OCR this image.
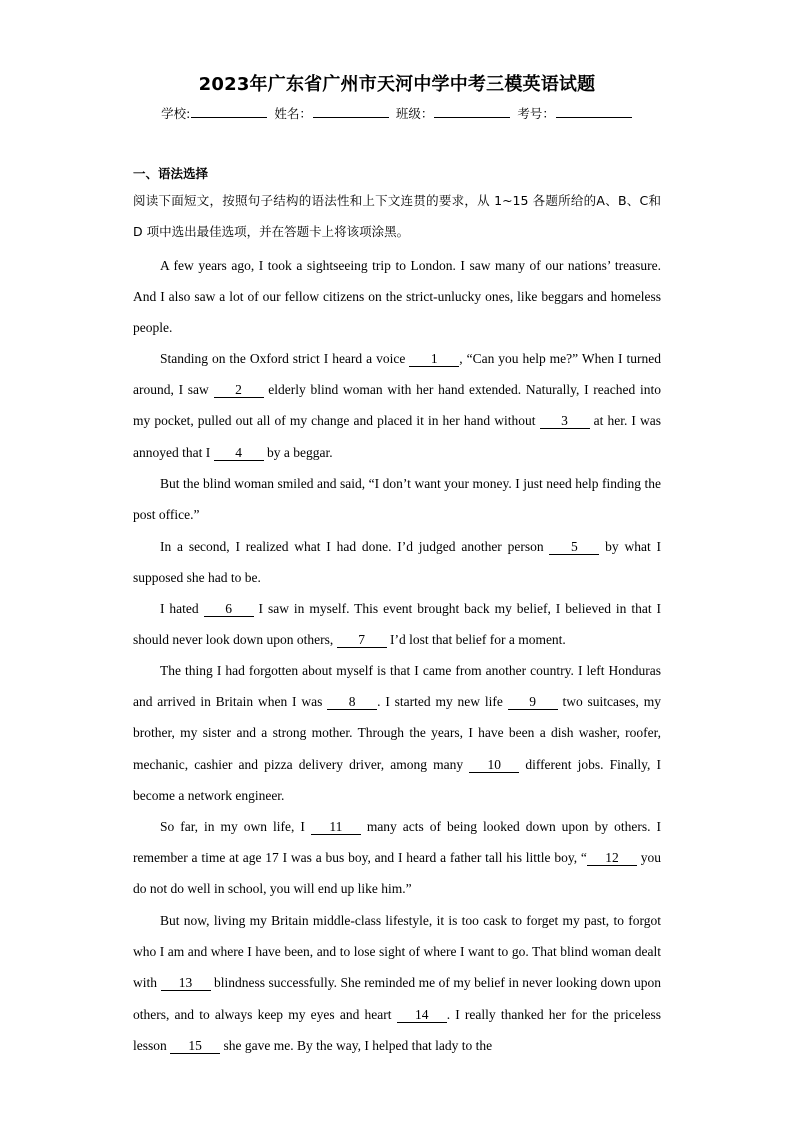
2023年广东省广州市天河中学中考三模英语试题
学校:	姓名：	班级：	考号：
一、语法选择
阅读下面短文，按照句子结构的语法性和上下文连贯的要求，从 1~15 各题所给的A、B、C和 D 项中选出最佳选项，并在答题卡上将该项涂黑。
A few years ago, I took a sightseeing trip to London. I saw many of our nations’ treasure. And I also saw a lot of our fellow citizens on the strict-unlucky ones, like beggars and homeless people.
Standing on the Oxford strict I heard a voice 1 , “Can you help me?” When I turned around, I saw 2 elderly blind woman with her hand extended. Naturally, I reached into my pocket, pulled out all of my change and placed it in her hand without 3 at her. I was annoyed that I 4 by a beggar.
But the blind woman smiled and said, “I don’t want your money. I just need help finding the post office.”
In a second, I realized what I had done. I’d judged another person 5 by what I supposed she had to be.
I hated 6 I saw in myself. This event brought back my belief, I believed in that I should never look down upon others, 7 I’d lost that belief for a moment.
The thing I had forgotten about myself is that I came from another country. I left Honduras and arrived in Britain when I was 8 . I started my new life 9 two suitcases, my brother, my sister and a strong mother. Through the years, I have been a dish washer, roofer, mechanic, cashier and pizza delivery driver, among many 10 different jobs. Finally, I become a network engineer.
So far, in my own life, I 11 many acts of being looked down upon by others. I remember a time at age 17 I was a bus boy, and I heard a father tall his little boy, “ 12 you do not do well in school, you will end up like him.”
But now, living my Britain middle-class lifestyle, it is too cask to forget my past, to forgot who I am and where I have been, and to lose sight of where I want to go. That blind woman dealt with 13 blindness successfully. She reminded me of my belief in never looking down upon others, and to always keep my eyes and heart 14 . I really thanked her for the priceless lesson 15 she gave me. By the way, I helped that lady to the
